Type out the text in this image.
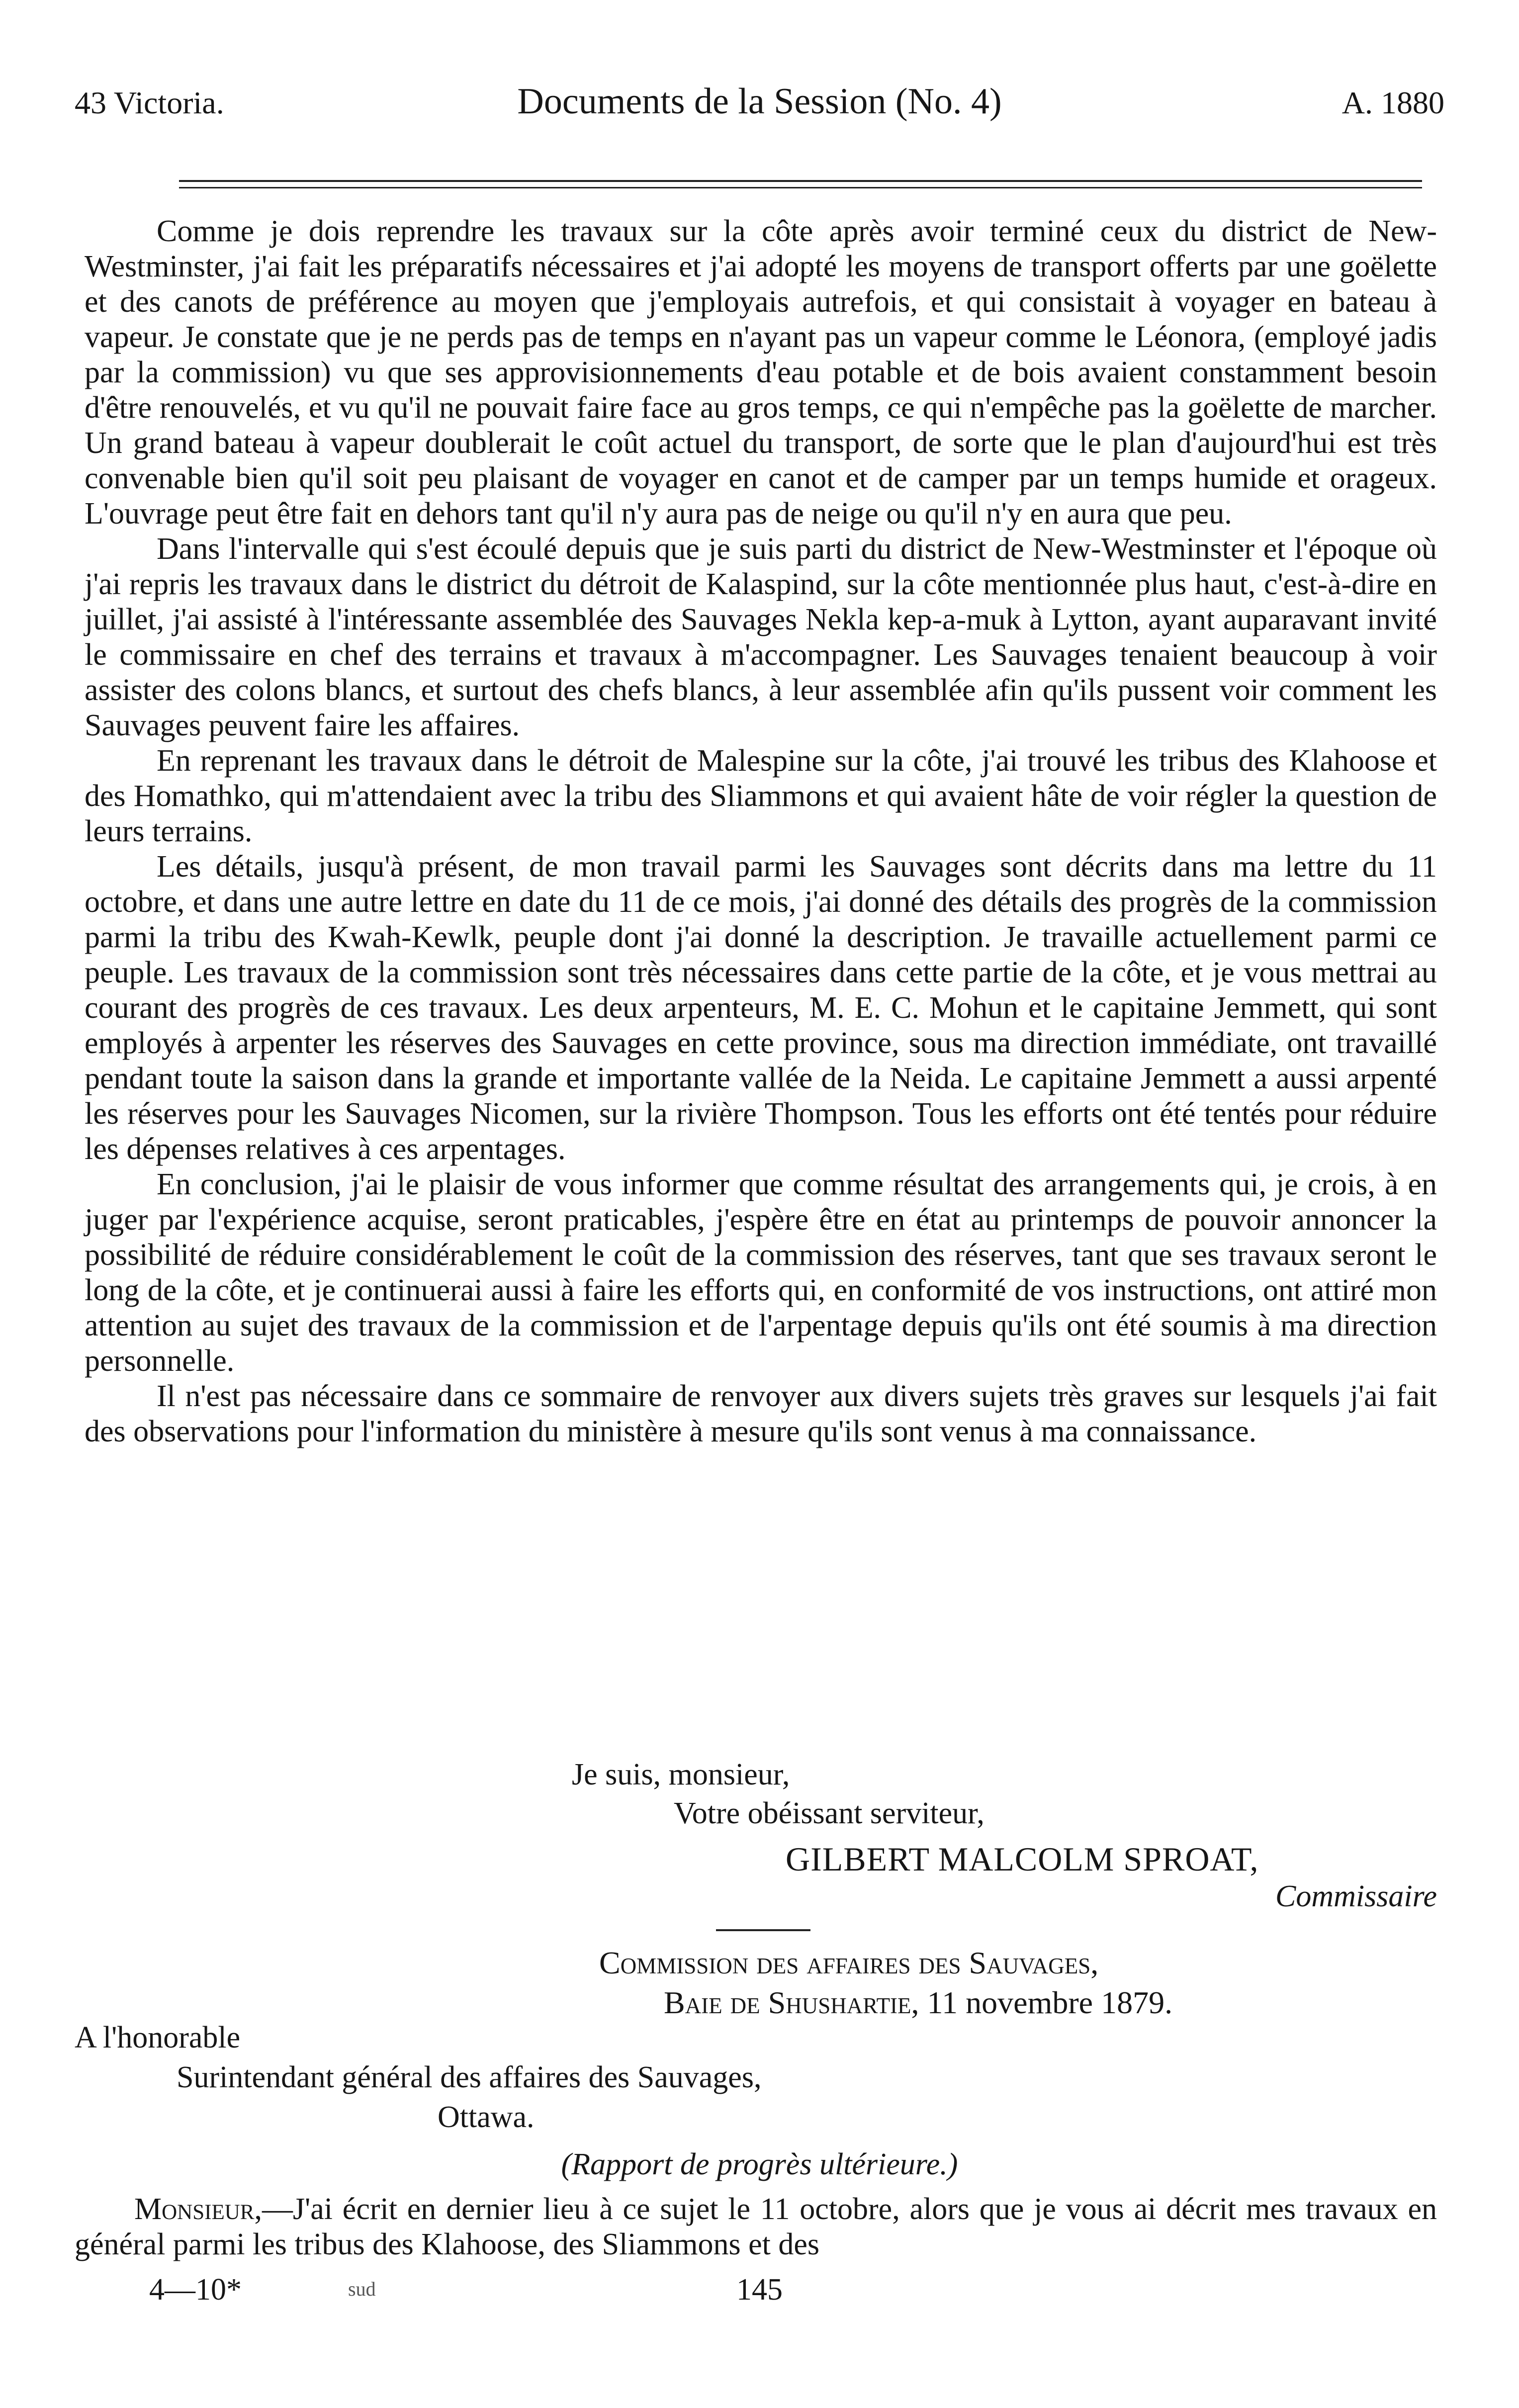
43 Victoria.	Documents de la Session (No. 4)	A. 1880

Comme je dois reprendre les travaux sur la côte après avoir terminé ceux du district de New-Westminster, j'ai fait les préparatifs nécessaires et j'ai adopté les moyens de transport offerts par une goëlette et des canots de préférence au moyen que j'employais autrefois, et qui consistait à voyager en bateau à vapeur. Je constate que je ne perds pas de temps en n'ayant pas un vapeur comme le Léonora, (employé jadis par la commission) vu que ses approvisionnements d'eau potable et de bois avaient constamment besoin d'être renouvelés, et vu qu'il ne pouvait faire face au gros temps, ce qui n'empêche pas la goëlette de marcher. Un grand bateau à vapeur doublerait le coût actuel du transport, de sorte que le plan d'aujourd'hui est très convenable bien qu'il soit peu plaisant de voyager en canot et de camper par un temps humide et orageux. L'ouvrage peut être fait en dehors tant qu'il n'y aura pas de neige ou qu'il n'y en aura que peu.

Dans l'intervalle qui s'est écoulé depuis que je suis parti du district de New-Westminster et l'époque où j'ai repris les travaux dans le district du détroit de Kalaspind, sur la côte mentionnée plus haut, c'est-à-dire en juillet, j'ai assisté à l'intéressante assemblée des Sauvages Nekla kep-a-muk à Lytton, ayant auparavant invité le commissaire en chef des terrains et travaux à m'accompagner. Les Sauvages tenaient beaucoup à voir assister des colons blancs, et surtout des chefs blancs, à leur assemblée afin qu'ils pussent voir comment les Sauvages peuvent faire les affaires.

En reprenant les travaux dans le détroit de Malespine sur la côte, j'ai trouvé les tribus des Klahoose et des Homathko, qui m'attendaient avec la tribu des Sliammons et qui avaient hâte de voir régler la question de leurs terrains.

Les détails, jusqu'à présent, de mon travail parmi les Sauvages sont décrits dans ma lettre du 11 octobre, et dans une autre lettre en date du 11 de ce mois, j'ai donné des détails des progrès de la commission parmi la tribu des Kwah-Kewlk, peuple dont j'ai donné la description. Je travaille actuellement parmi ce peuple. Les travaux de la commission sont très nécessaires dans cette partie de la côte, et je vous mettrai au courant des progrès de ces travaux. Les deux arpenteurs, M. E. C. Mohun et le capitaine Jemmett, qui sont employés à arpenter les réserves des Sauvages en cette province, sous ma direction immédiate, ont travaillé pendant toute la saison dans la grande et importante vallée de la Neida. Le capitaine Jemmett a aussi arpenté les réserves pour les Sauvages Nicomen, sur la rivière Thompson. Tous les efforts ont été tentés pour réduire les dépenses relatives à ces arpentages.

En conclusion, j'ai le plaisir de vous informer que comme résultat des arrangements qui, je crois, à en juger par l'expérience acquise, seront praticables, j'espère être en état au printemps de pouvoir annoncer la possibilité de réduire considérablement le coût de la commission des réserves, tant que ses travaux seront le long de la côte, et je continuerai aussi à faire les efforts qui, en conformité de vos instructions, ont attiré mon attention au sujet des travaux de la commission et de l'arpentage depuis qu'ils ont été soumis à ma direction personnelle.

Il n'est pas nécessaire dans ce sommaire de renvoyer aux divers sujets très graves sur lesquels j'ai fait des observations pour l'information du ministère à mesure qu'ils sont venus à ma connaissance.

Je suis, monsieur,
Votre obéissant serviteur,
GILBERT MALCOLM SPROAT,
Commissaire
Commission des affaires des Sauvages,
Baie de Shushartie, 11 novembre 1879.
A l'honorable
Surintendant général des affaires des Sauvages,
Ottawa.
(Rapport de progrès ultérieure.)

Monsieur,—J'ai écrit en dernier lieu à ce sujet le 11 octobre, alors que je vous ai décrit mes travaux en général parmi les tribus des Klahoose, des Sliammons et des

4—10*	sud	145
